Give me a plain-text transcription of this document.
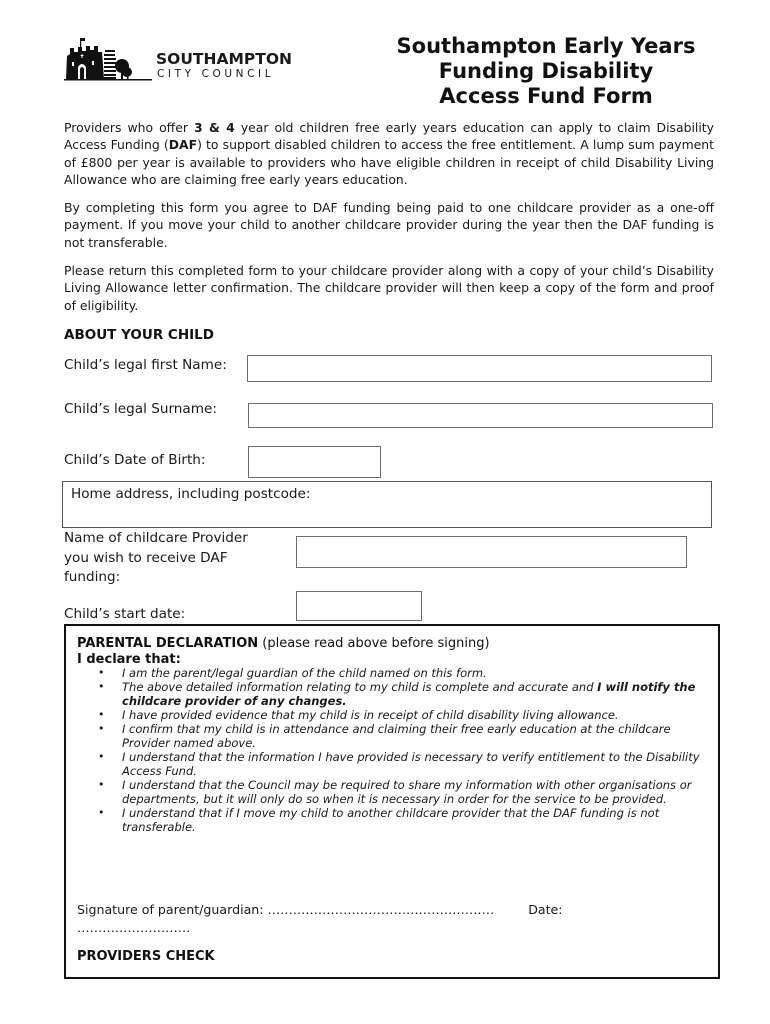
SOUTHAMPTON
CITY COUNCIL
Southampton Early Years
Funding Disability
Access Fund Form

Providers who offer 3 & 4 year old children free early years education can apply to claim Disability Access Funding (DAF) to support disabled children to access the free entitlement. A lump sum payment of £800 per year is available to providers who have eligible children in receipt of child Disability Living Allowance who are claiming free early years education.

By completing this form you agree to DAF funding being paid to one childcare provider as a one-off payment. If you move your child to another childcare provider during the year then the DAF funding is not transferable.

Please return this completed form to your childcare provider along with a copy of your child’s Disability Living Allowance letter confirmation. The childcare provider will then keep a copy of the form and proof of eligibility.

ABOUT YOUR CHILD
Child’s legal first Name:
Child’s legal Surname:
Child’s Date of Birth:
Home address, including postcode:
Name of childcare Provider
you wish to receive DAF
funding:
Child’s start date:
PARENTAL DECLARATION (please read above before signing)
I declare that:
• I am the parent/legal guardian of the child named on this form.
• The above detailed information relating to my child is complete and accurate and I will notify the childcare provider of any changes.
• I have provided evidence that my child is in receipt of child disability living allowance.
• I confirm that my child is in attendance and claiming their free early education at the childcare
Provider named above.
• I understand that the information I have provided is necessary to verify entitlement to the Disability Access Fund.
• I understand that the Council may be required to share my information with other organisations or departments, but it will only do so when it is necessary in order for the service to be provided.
• I understand that if I move my child to another childcare provider that the DAF funding is not
transferable.
Signature of parent/guardian: ………………………………………………	Date:
………………………
PROVIDERS CHECK
